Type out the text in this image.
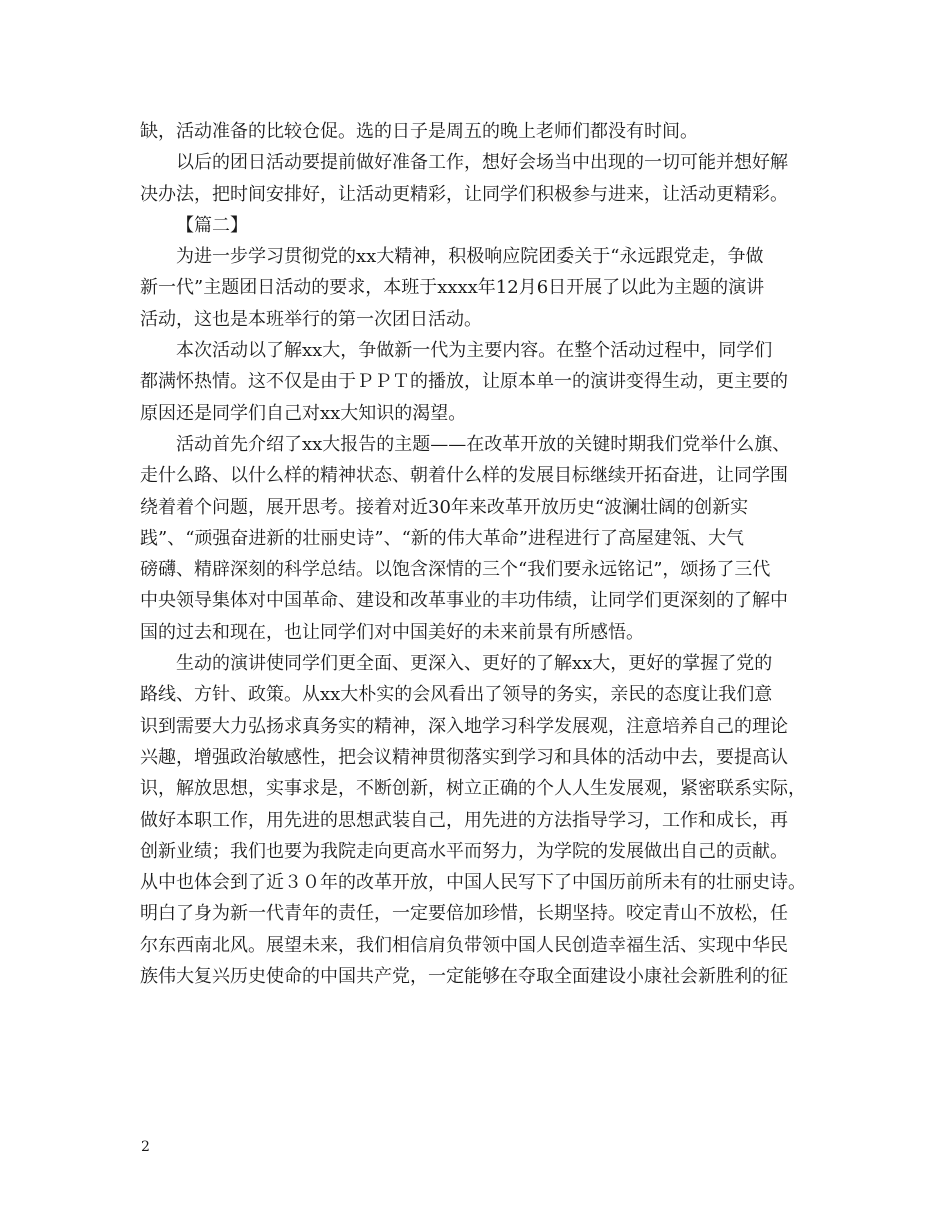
缺，活动准备的比较仓促。选的日子是周五的晚上老师们都没有时间。
以后的团日活动要提前做好准备工作，想好会场当中出现的一切可能并想好解
决办法，把时间安排好，让活动更精彩，让同学们积极参与进来，让活动更精彩。
【篇二】
为进一步学习贯彻党的xx大精神，积极响应院团委关于“永远跟党走，争做
新一代”主题团日活动的要求，本班于xxxx年12月6日开展了以此为主题的演讲
活动，这也是本班举行的第一次团日活动。
本次活动以了解xx大，争做新一代为主要内容。在整个活动过程中，同学们
都满怀热情。这不仅是由于ＰＰＴ的播放，让原本单一的演讲变得生动，更主要的
原因还是同学们自己对xx大知识的渴望。
活动首先介绍了xx大报告的主题——在改革开放的关键时期我们党举什么旗、
走什么路、以什么样的精神状态、朝着什么样的发展目标继续开拓奋进，让同学围
绕着着个问题，展开思考。接着对近30年来改革开放历史“波澜壮阔的创新实
践”、“顽强奋进新的壮丽史诗”、“新的伟大革命”进程进行了高屋建瓴、大气
磅礴、精辟深刻的科学总结。以饱含深情的三个“我们要永远铭记”，颂扬了三代
中央领导集体对中国革命、建设和改革事业的丰功伟绩，让同学们更深刻的了解中
国的过去和现在，也让同学们对中国美好的未来前景有所感悟。
生动的演讲使同学们更全面、更深入、更好的了解xx大，更好的掌握了党的
路线、方针、政策。从xx大朴实的会风看出了领导的务实，亲民的态度让我们意
识到需要大力弘扬求真务实的精神，深入地学习科学发展观，注意培养自己的理论
兴趣，增强政治敏感性，把会议精神贯彻落实到学习和具体的活动中去，要提高认
识，解放思想，实事求是，不断创新，树立正确的个人人生发展观，紧密联系实际，
做好本职工作，用先进的思想武装自己，用先进的方法指导学习，工作和成长，再
创新业绩；我们也要为我院走向更高水平而努力，为学院的发展做出自己的贡献。
从中也体会到了近３０年的改革开放，中国人民写下了中国历前所未有的壮丽史诗。
明白了身为新一代青年的责任，一定要倍加珍惜，长期坚持。咬定青山不放松，任
尔东西南北风。展望未来，我们相信肩负带领中国人民创造幸福生活、实现中华民
族伟大复兴历史使命的中国共产党，一定能够在夺取全面建设小康社会新胜利的征
2
